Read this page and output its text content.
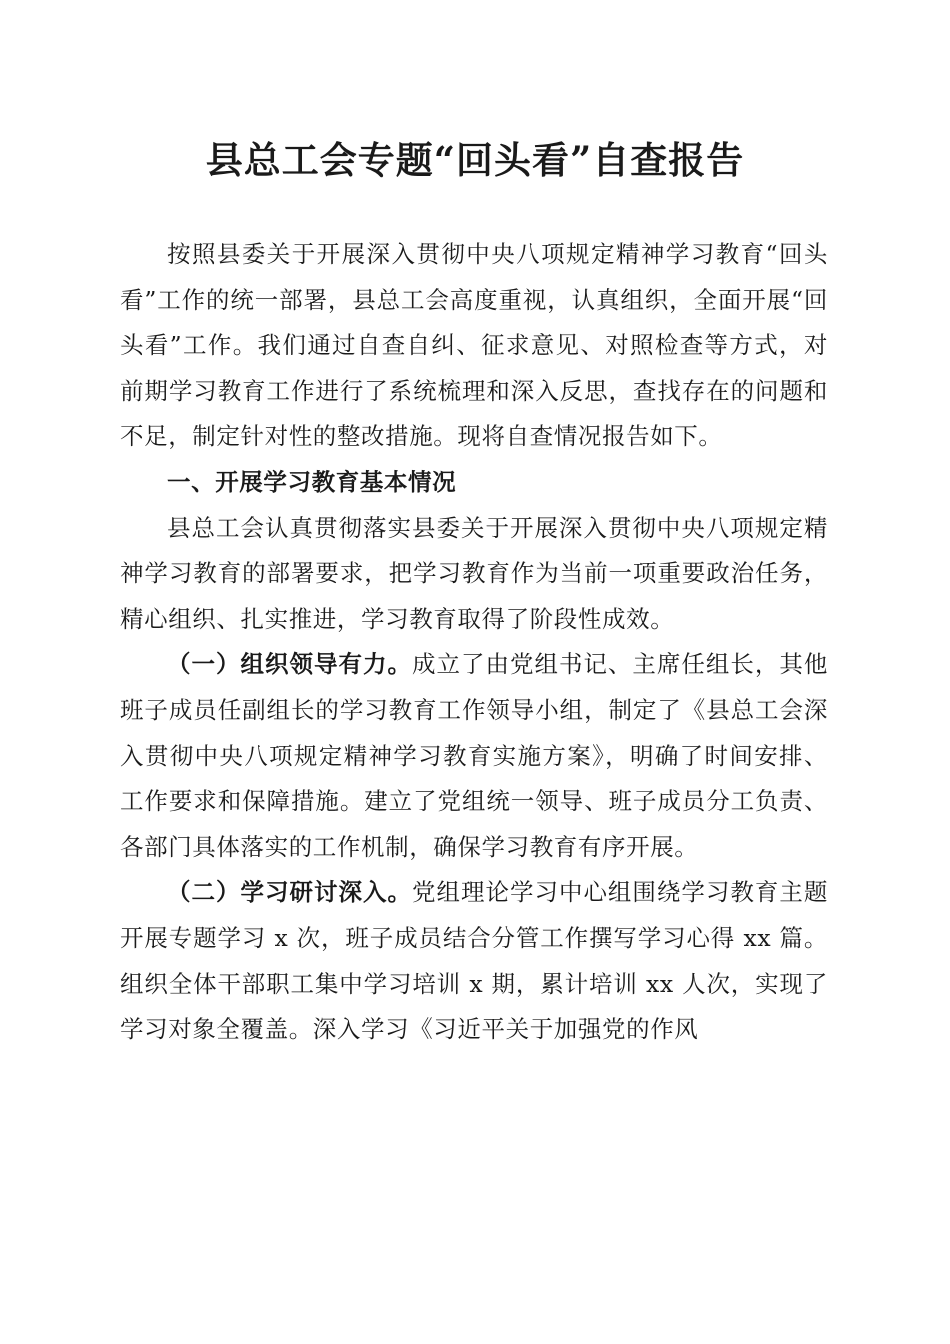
县总工会专题“回头看”自查报告

按照县委关于开展深入贯彻中央八项规定精神学习教育“回头看”工作的统一部署，县总工会高度重视，认真组织，全面开展“回头看”工作。我们通过自查自纠、征求意见、对照检查等方式，对前期学习教育工作进行了系统梳理和深入反思，查找存在的问题和不足，制定针对性的整改措施。现将自查情况报告如下。

一、开展学习教育基本情况

县总工会认真贯彻落实县委关于开展深入贯彻中央八项规定精神学习教育的部署要求，把学习教育作为当前一项重要政治任务，精心组织、扎实推进，学习教育取得了阶段性成效。

（一）组织领导有力。成立了由党组书记、主席任组长，其他班子成员任副组长的学习教育工作领导小组，制定了《县总工会深入贯彻中央八项规定精神学习教育实施方案》，明确了时间安排、工作要求和保障措施。建立了党组统一领导、班子成员分工负责、各部门具体落实的工作机制，确保学习教育有序开展。

（二）学习研讨深入。党组理论学习中心组围绕学习教育主题开展专题学习 x 次，班子成员结合分管工作撰写学习心得 xx 篇。组织全体干部职工集中学习培训 x 期，累计培训 xx 人次，实现了学习对象全覆盖。深入学习《习近平关于加强党的作风
